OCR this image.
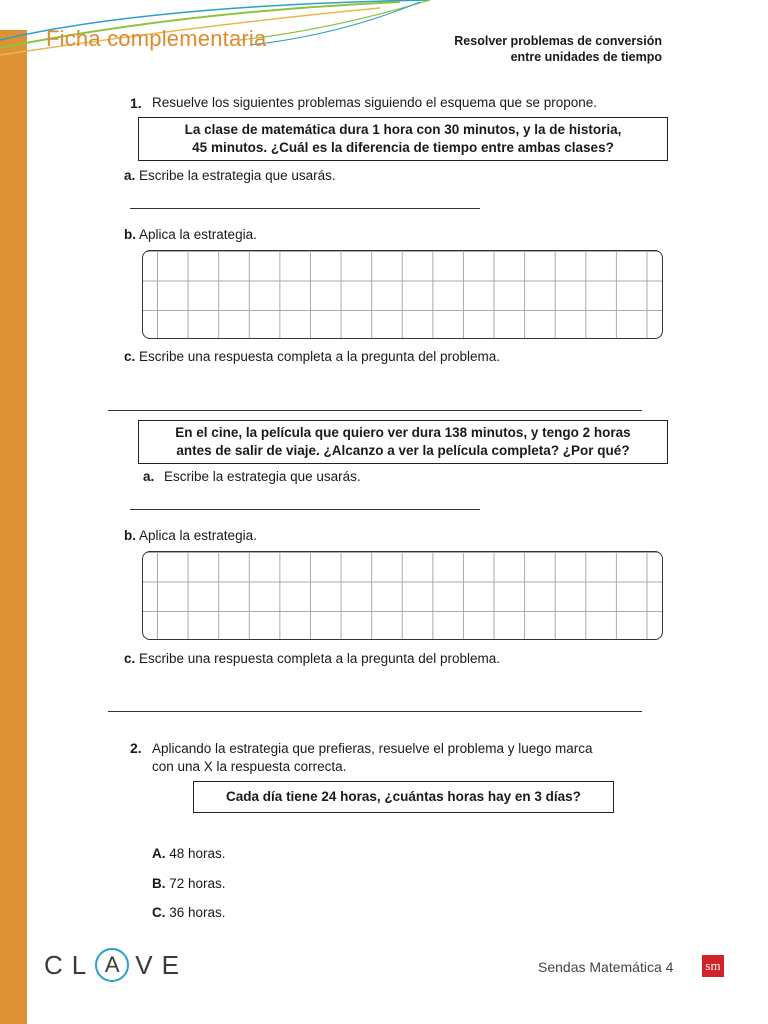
Ficha complementaria	Resolver problemas de conversión
entre unidades de tiempo
1. Resuelve los siguientes problemas siguiendo el esquema que se propone.
La clase de matemática dura 1 hora con 30 minutos, y la de historia,
45 minutos. ¿Cuál es la diferencia de tiempo entre ambas clases?
a. Escribe la estrategia que usarás.
b. Aplica la estrategia.
c. Escribe una respuesta completa a la pregunta del problema.
En el cine, la película que quiero ver dura 138 minutos, y tengo 2 horas
antes de salir de viaje. ¿Alcanzo a ver la película completa? ¿Por qué?
a. Escribe la estrategia que usarás.
b. Aplica la estrategia.
c. Escribe una respuesta completa a la pregunta del problema.
2. Aplicando la estrategia que prefieras, resuelve el problema y luego marca
con una X la respuesta correcta.
Cada día tiene 24 horas, ¿cuántas horas hay en 3 días?
A. 48 horas.
B. 72 horas.
C. 36 horas.
C L A V E	Sendas Matemática 4 sm
